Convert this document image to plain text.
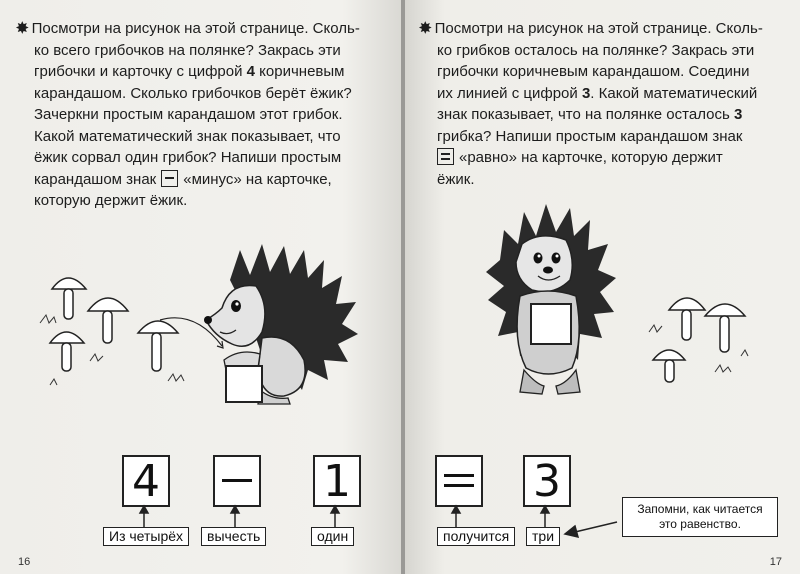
✸ Посмотри на рисунок на этой странице. Сколь-
ко всего грибочков на полянке? Закрась эти
грибочки и карточку с цифрой 4 коричневым
карандашом. Сколько грибочков берёт ёжик?
Зачеркни простым карандашом этот грибок.
Какой математический знак показывает, что
ёжик сорвал один грибок? Напиши простым
карандашом знак «минус» на карточке,
которую держит ёжик.
4	1
Из четырёх	вычесть	один
16
✸ Посмотри на рисунок на этой странице. Сколь-
ко грибков осталось на полянке? Закрась эти
грибочки коричневым карандашом. Соедини
их линией с цифрой 3. Какой математический
знак показывает, что на полянке осталось 3
грибка? Напиши простым карандашом знак
«равно» на карточке, которую держит
ёжик.
3
получится	три
Запомни, как читается это равенство.
17
